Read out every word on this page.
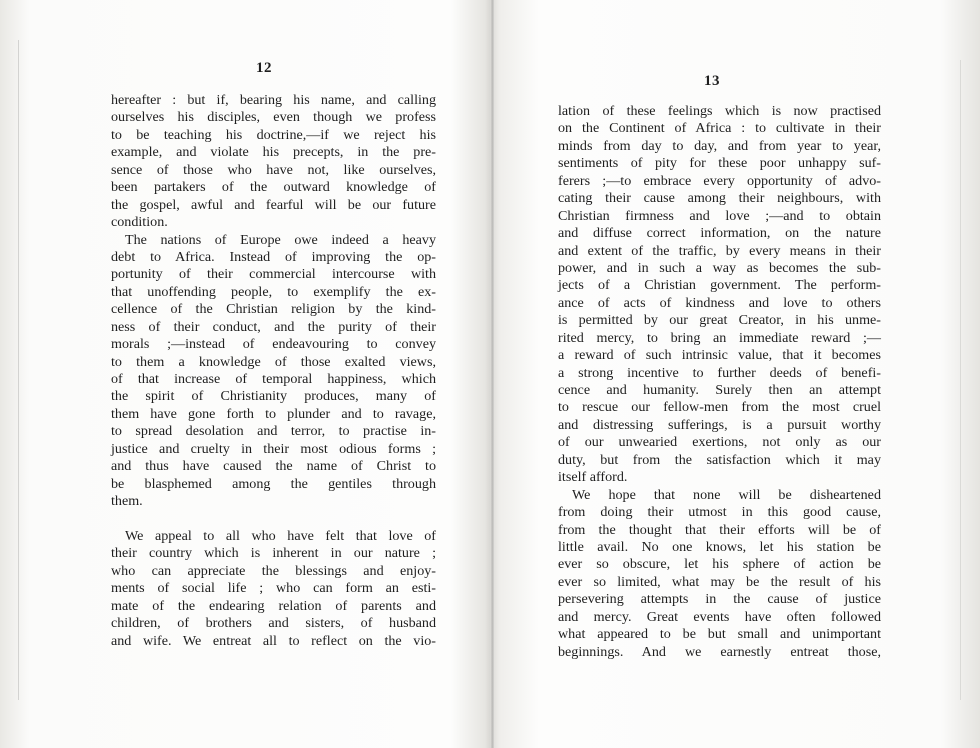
12
hereafter : but if, bearing his name, and calling
ourselves his disciples, even though we profess
to be teaching his doctrine,—if we reject his
example, and violate his precepts, in the pre-
sence of those who have not, like ourselves,
been partakers of the outward knowledge of
the gospel, awful and fearful will be our future
condition.
The nations of Europe owe indeed a heavy
debt to Africa. Instead of improving the op-
portunity of their commercial intercourse with
that unoffending people, to exemplify the ex-
cellence of the Christian religion by the kind-
ness of their conduct, and the purity of their
morals ;—instead of endeavouring to convey
to them a knowledge of those exalted views,
of that increase of temporal happiness, which
the spirit of Christianity produces, many of
them have gone forth to plunder and to ravage,
to spread desolation and terror, to practise in-
justice and cruelty in their most odious forms ;
and thus have caused the name of Christ to
be blasphemed among the gentiles through
them.
We appeal to all who have felt that love of
their country which is inherent in our nature ;
who can appreciate the blessings and enjoy-
ments of social life ; who can form an esti-
mate of the endearing relation of parents and
children, of brothers and sisters, of husband
and wife. We entreat all to reflect on the vio-
13
lation of these feelings which is now practised
on the Continent of Africa : to cultivate in their
minds from day to day, and from year to year,
sentiments of pity for these poor unhappy suf-
ferers ;—to embrace every opportunity of advo-
cating their cause among their neighbours, with
Christian firmness and love ;—and to obtain
and diffuse correct information, on the nature
and extent of the traffic, by every means in their
power, and in such a way as becomes the sub-
jects of a Christian government. The perform-
ance of acts of kindness and love to others
is permitted by our great Creator, in his unme-
rited mercy, to bring an immediate reward ;—
a reward of such intrinsic value, that it becomes
a strong incentive to further deeds of benefi-
cence and humanity. Surely then an attempt
to rescue our fellow-men from the most cruel
and distressing sufferings, is a pursuit worthy
of our unwearied exertions, not only as our
duty, but from the satisfaction which it may
itself afford.
We hope that none will be disheartened
from doing their utmost in this good cause,
from the thought that their efforts will be of
little avail. No one knows, let his station be
ever so obscure, let his sphere of action be
ever so limited, what may be the result of his
persevering attempts in the cause of justice
and mercy. Great events have often followed
what appeared to be but small and unimportant
beginnings. And we earnestly entreat those,
